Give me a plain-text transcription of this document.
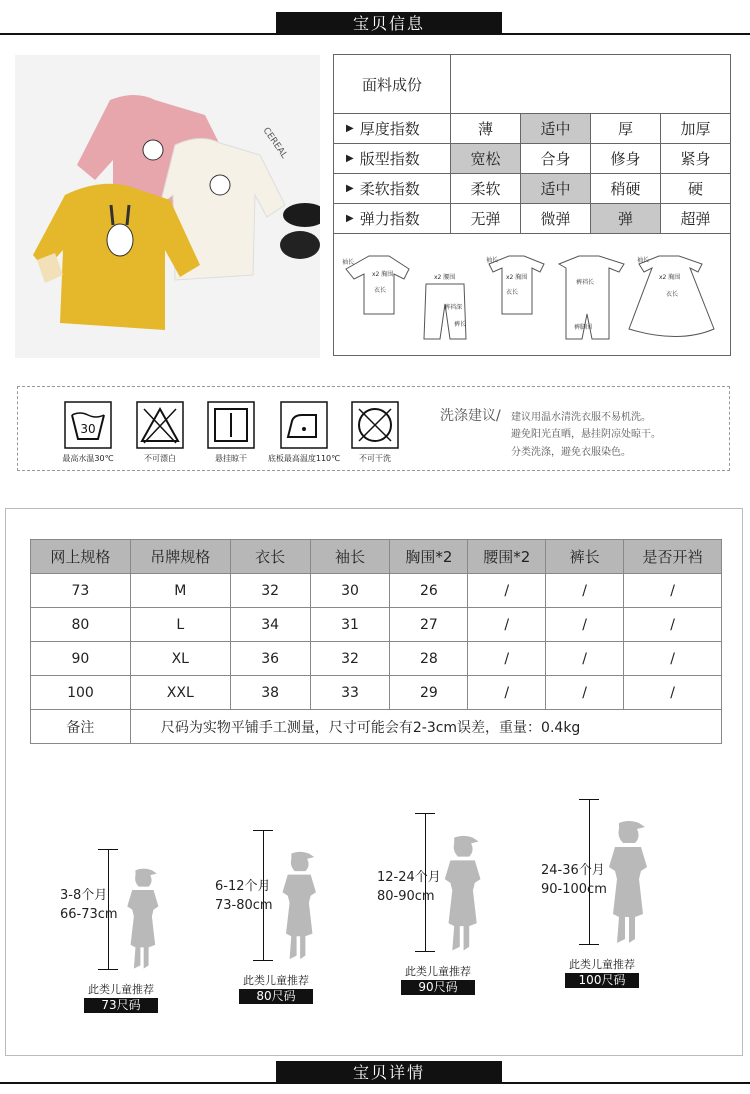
宝贝信息
CEREAL
面料成份
▶ 厚度指数	薄	适中	厚	加厚
▶ 版型指数	宽松	合身	修身	紧身
▶ 柔软指数	柔软	适中	稍硬	硬
▶ 弹力指数	无弹	微弹	弹	超弹
袖长
x2 胸围
衣长
x2 腰围
裤裆深
裤长
袖长
x2 胸围
衣长
裤裆长
裤脚围
袖长
x2 胸围
衣长
30
最高水温30℃	不可漂白	悬挂晾干	底板最高温度110℃	不可干洗
洗涤建议/ 建议用温水清洗衣服不易机洗。
避免阳光直晒，悬挂阴凉处晾干。
分类洗涤，避免衣服染色。
网上规格	吊牌规格	衣长	袖长	胸围*2	腰围*2	裤长	是否开裆
73	M	32	30	26	/	/	/
80	L	34	31	27	/	/	/
90	XL	36	32	28	/	/	/
100	XXL	38	33	29	/	/	/
备注	尺码为实物平铺手工测量，尺寸可能会有2-3cm误差，重量：0.4kg						
3-8个月
66-73cm
此类儿童推荐
73尺码
6-12个月
73-80cm
此类儿童推荐
80尺码
12-24个月
80-90cm
此类儿童推荐
90尺码
24-36个月
90-100cm
此类儿童推荐
100尺码
宝贝详情
